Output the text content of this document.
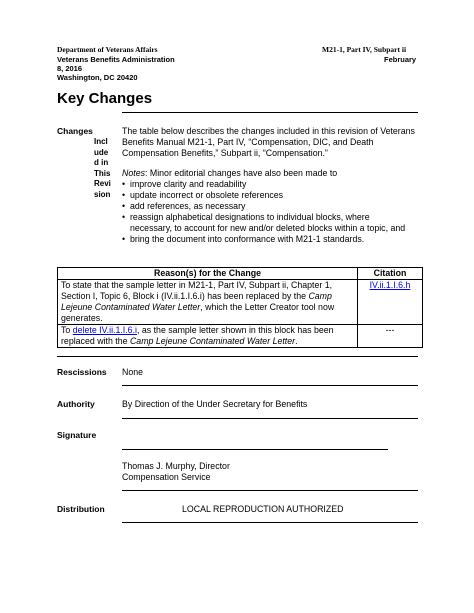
Department of Veterans Affairs
Veterans Benefits Administration
8, 2016
Washington, DC 20420
M21-1, Part IV, Subpart ii
February
Key Changes
Changes
Incl
ude
d in
This
Revi
sion
The table below describes the changes included in this revision of Veterans Benefits Manual M21-1, Part IV, “Compensation, DIC, and Death Compensation Benefits,” Subpart ii, “Compensation.”
Notes: Minor editorial changes have also been made to
• improve clarity and readability
• update incorrect or obsolete references
• add references, as necessary
• reassign alphabetical designations to individual blocks, where necessary, to account for new and/or deleted blocks within a topic, and
• bring the document into conformance with M21-1 standards.
Reason(s) for the Change	Citation
To state that the sample letter in M21-1, Part IV, Subpart ii, Chapter 1, Section I, Topic 6, Block i (IV.ii.1.I.6.i) has been replaced by the Camp Lejeune Contaminated Water Letter, which the Letter Creator tool now generates.	IV.ii.1.I.6.h
To delete IV.ii.1.I.6.i, as the sample letter shown in this block has been replaced with the Camp Lejeune Contaminated Water Letter.	---
Rescissions None
Authority	By Direction of the Under Secretary for Benefits
Signature
Thomas J. Murphy, Director
Compensation Service
Distribution	LOCAL REPRODUCTION AUTHORIZED
